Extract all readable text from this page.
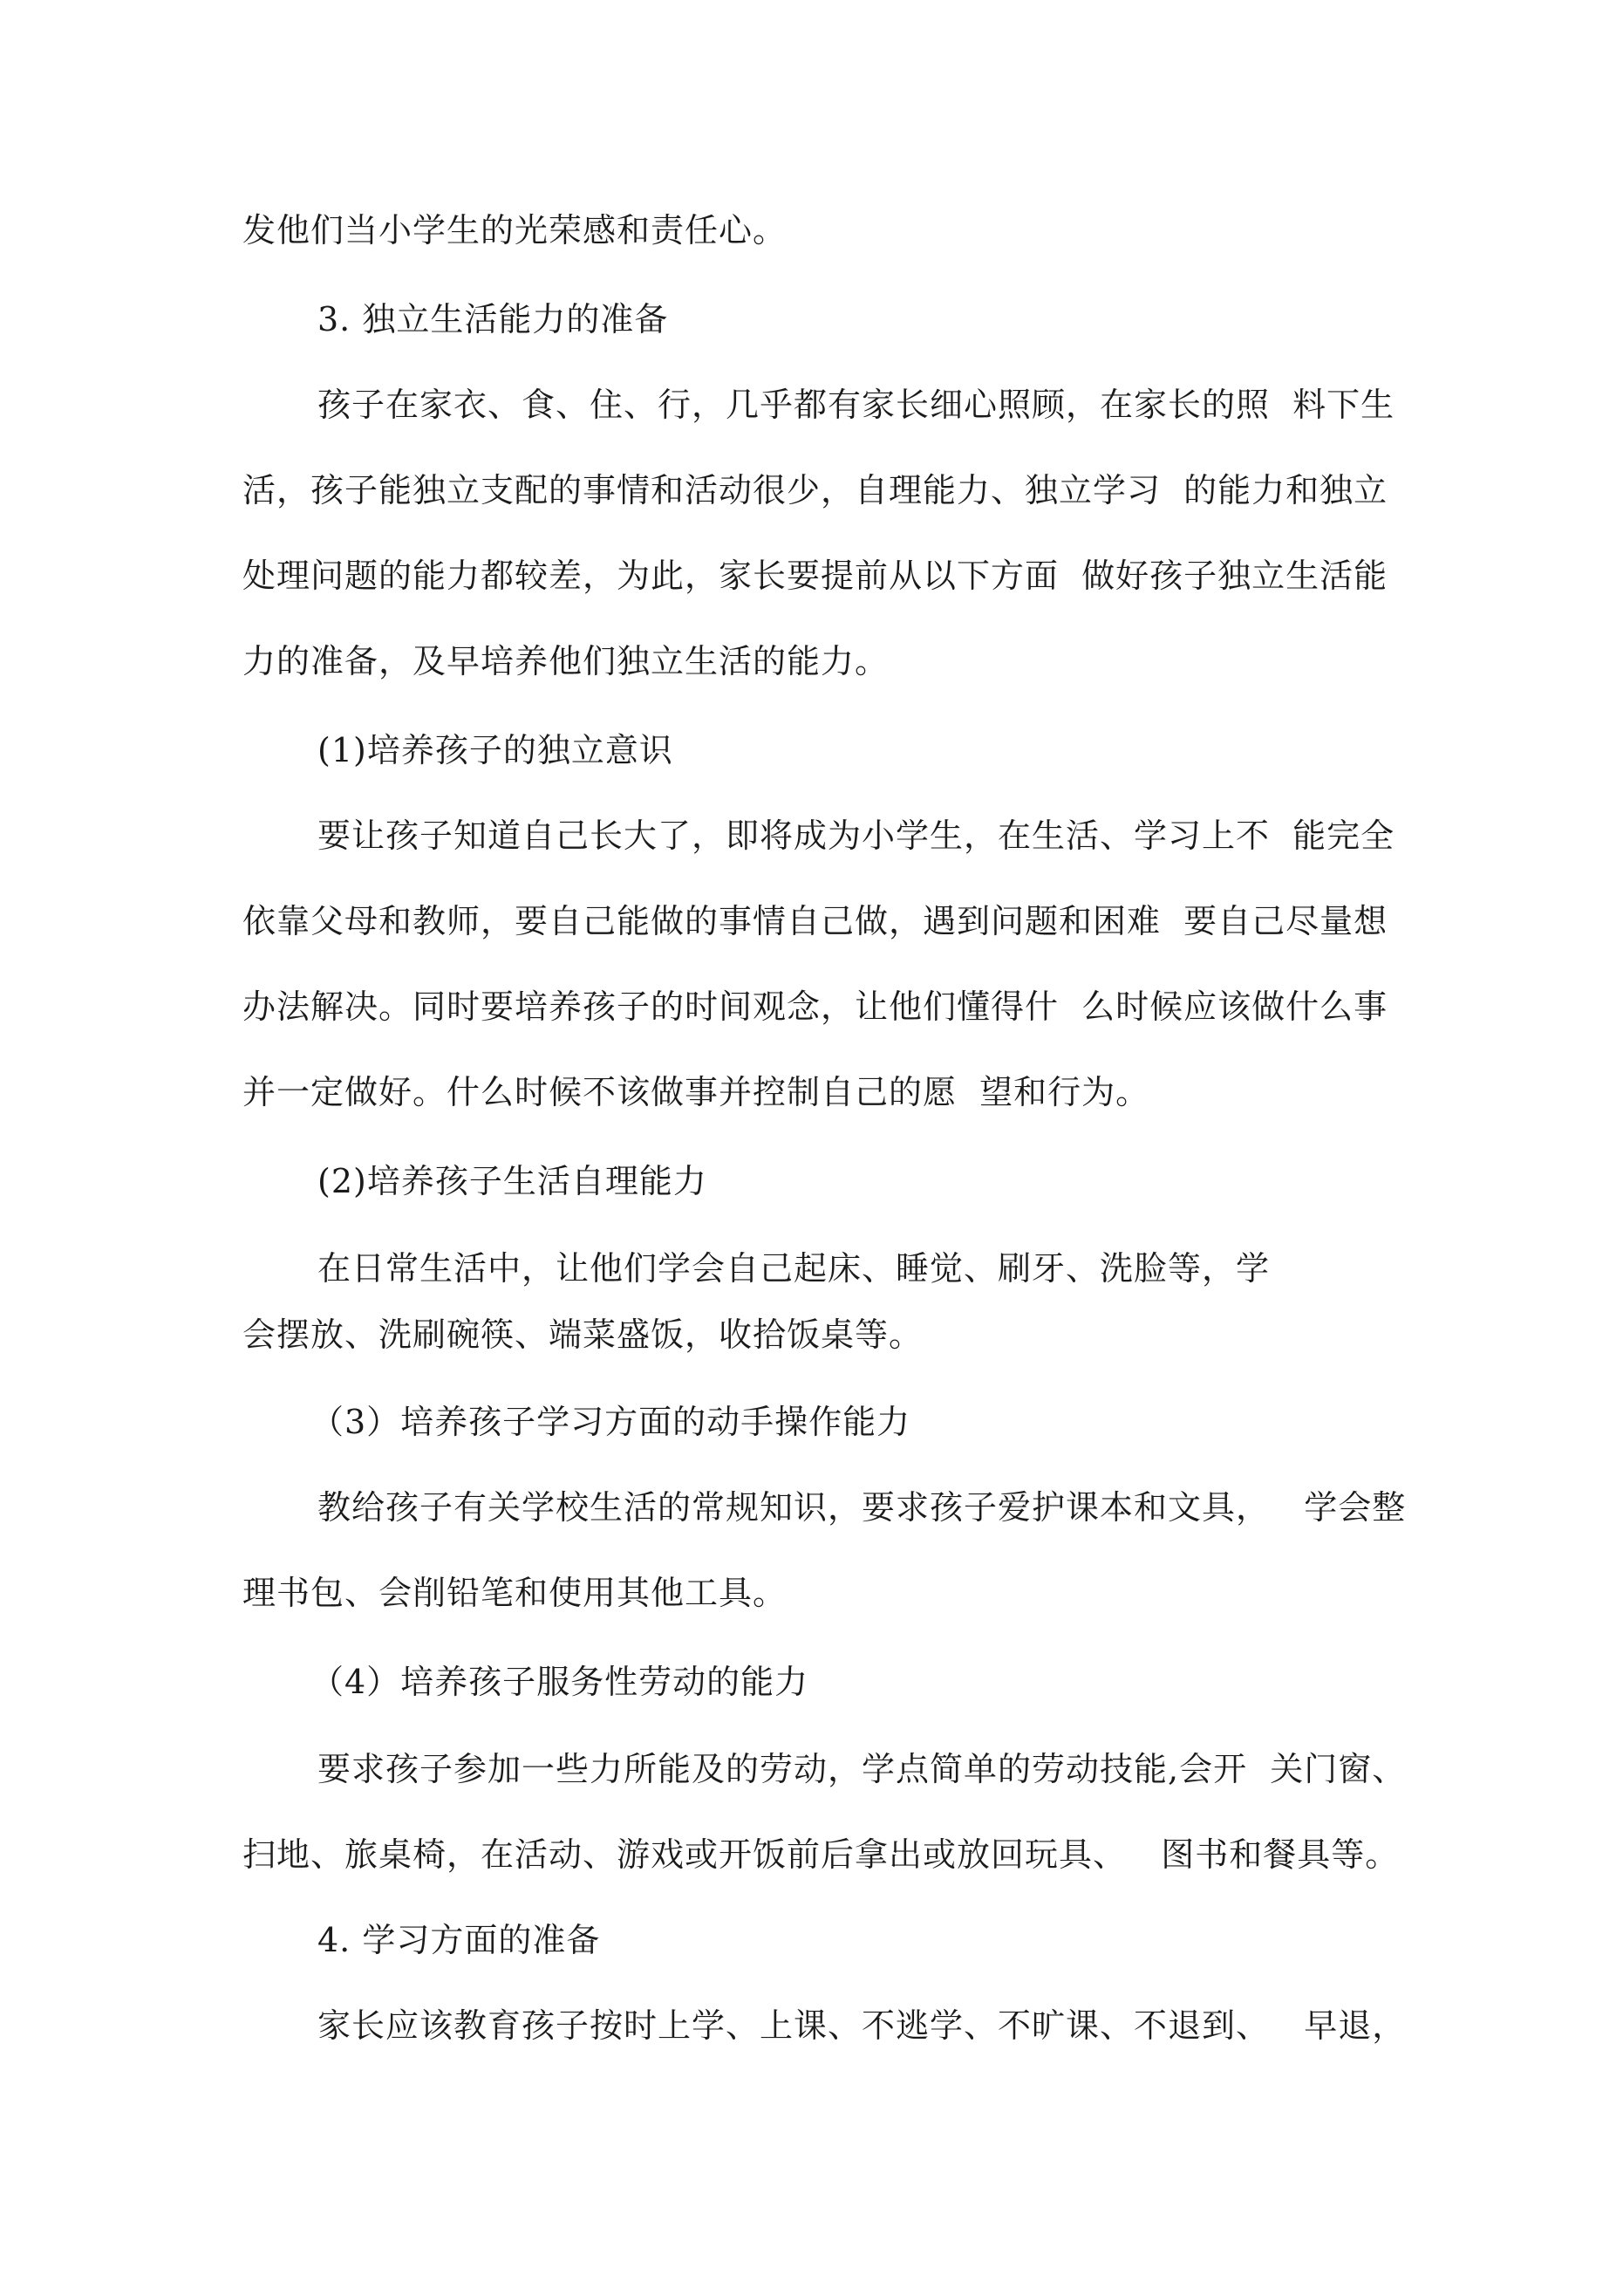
发他们当小学生的光荣感和责任心。

3. 独立生活能力的准备

孩子在家衣、食、住、行，几乎都有家长细心照顾，在家长的照  料下生

活，孩子能独立支配的事情和活动很少，自理能力、独立学习  的能力和独立

处理问题的能力都较差，为此，家长要提前从以下方面  做好孩子独立生活能

力的准备，及早培养他们独立生活的能力。

(1)培养孩子的独立意识

要让孩子知道自己长大了，即将成为小学生，在生活、学习上不  能完全

依靠父母和教师，要自己能做的事情自己做，遇到问题和困难  要自己尽量想

办法解决。同时要培养孩子的时间观念，让他们懂得什  么时候应该做什么事

并一定做好。什么时候不该做事并控制自己的愿  望和行为。

(2)培养孩子生活自理能力

在日常生活中，让他们学会自己起床、睡觉、刷牙、洗脸等，学

会摆放、洗刷碗筷、端菜盛饭，收拾饭桌等。

（3）培养孩子学习方面的动手操作能力

教给孩子有关学校生活的常规知识，要求孩子爱护课本和文具，   学会整

理书包、会削铅笔和使用其他工具。

（4）培养孩子服务性劳动的能力

要求孩子参加一些力所能及的劳动，学点简单的劳动技能,会开  关门窗、

扫地、旅桌椅，在活动、游戏或开饭前后拿出或放回玩具、   图书和餐具等。

4. 学习方面的准备

家长应该教育孩子按时上学、上课、不逃学、不旷课、不退到、   早退，
